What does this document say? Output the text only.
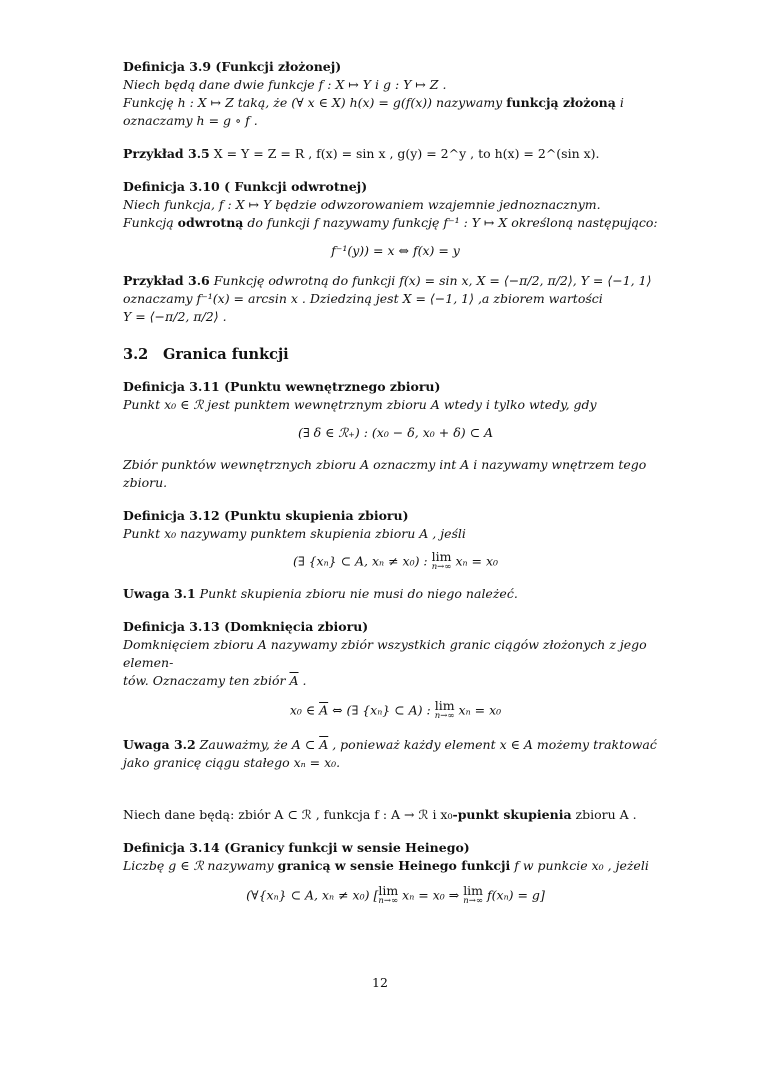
Definicja 3.9 (Funkcji złożonej)

Niech będą dane dwie funkcje f : X ↦ Y i g : Y ↦ Z .

Funkcję h : X ↦ Z taką, że (∀ x ∈ X) h(x) = g(f(x)) nazywamy funkcją złożoną i

oznaczamy h = g ∘ f .

Przykład 3.5 X = Y = Z = R , f(x) = sin x , g(y) = 2^y , to h(x) = 2^(sin x).

Definicja 3.10 ( Funkcji odwrotnej)

Niech funkcja, f : X ↦ Y będzie odwzorowaniem wzajemnie jednoznacznym.

Funkcją odwrotną do funkcji f nazywamy funkcję f⁻¹ : Y ↦ X określoną następująco:

f⁻¹(y)) = x ⇔ f(x) = y

Przykład 3.6 Funkcję odwrotną do funkcji f(x) = sin x, X = ⟨−π/2, π/2⟩, Y = ⟨−1, 1⟩

oznaczamy f⁻¹(x) = arcsin x . Dziedziną jest X = ⟨−1, 1⟩ ,a zbiorem wartości

Y = ⟨−π/2, π/2⟩ .

3.2 Granica funkcji

Definicja 3.11 (Punktu wewnętrznego zbioru)

Punkt x₀ ∈ ℛ jest punktem wewnętrznym zbioru A wtedy i tylko wtedy, gdy

(∃ δ ∈ ℛ₊) : (x₀ − δ, x₀ + δ) ⊂ A

Zbiór punktów wewnętrznych zbioru A oznaczmy int A i nazywamy wnętrzem tego zbioru.

Definicja 3.12 (Punktu skupienia zbioru)

Punkt x₀ nazywamy punktem skupienia zbioru A , jeśli

(∃ {xₙ} ⊂ A, xₙ ≠ x₀) : lim
n→∞ xₙ = x₀

Uwaga 3.1 Punkt skupienia zbioru nie musi do niego należeć.

Definicja 3.13 (Domknięcia zbioru)

Domknięciem zbioru A nazywamy zbiór wszystkich granic ciągów złożonych z jego elemen-

tów. Oznaczamy ten zbiór $\overline{A}$ .

x₀ ∈ $\overline{A}$ ⇔ (∃ {xₙ} ⊂ A) : lim
n→∞ xₙ = x₀

Uwaga 3.2 Zauważmy, że A ⊂ $\overline{A}$ , ponieważ każdy element x ∈ A możemy traktować

jako granicę ciągu stałego xₙ = x₀.

Niech dane będą: zbiór A ⊂ ℛ , funkcja f : A → ℛ i x₀-punkt skupienia zbioru A .

Definicja 3.14 (Granicy funkcji w sensie Heinego)

Liczbę g ∈ ℛ nazywamy granicą w sensie Heinego funkcji f w punkcie x₀ , jeżeli

(∀{xₙ} ⊂ A, xₙ ≠ x₀) [ lim
n→∞ xₙ = x₀ ⇒ lim
n→∞ f(xₙ) = g]

12
